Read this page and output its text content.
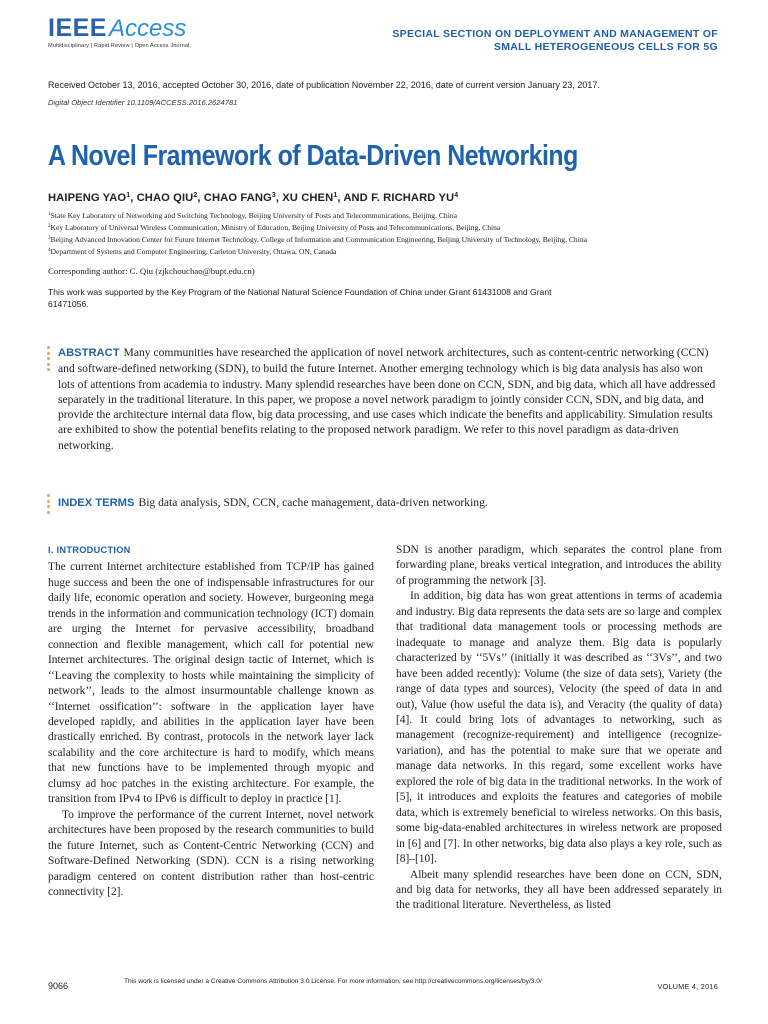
IEEEAccess
Multidisciplinary | Rapid Review | Open Access Journal
SPECIAL SECTION ON DEPLOYMENT AND MANAGEMENT OF
SMALL HETEROGENEOUS CELLS FOR 5G
Received October 13, 2016, accepted October 30, 2016, date of publication November 22, 2016, date of current version January 23, 2017.
Digital Object Identifier 10.1109/ACCESS.2016.2624781
A Novel Framework of Data-Driven Networking
HAIPENG YAO$^1$, CHAO QIU$^2$, CHAO FANG$^3$, XU CHEN$^1$, AND F. RICHARD $YU^4$
$^1$State Key Laboratory of Networking and Switching Technology, Beijing University of Posts and Telecommunications, Beijing, China
$^2$Key Laboratory of Universal Wireless Communication, Ministry of Education, Beijing University of Posts and Telecommunications, Beijing, China
$^3$Beijing Advanced Innovation Center for Future Internet Technology, College of Information and Communication Engineering, Beijing University of Technology, Beijing, China
$^4$Department of Systems and Computer Engineering, Carleton University, Ottawa, ON, Canada
Corresponding author: C. Qiu (zjkchouchao@bupt.edu.cn)
This work was supported by the Key Program of the National Natural Science Foundation of China under Grant 61431008 and Grant 61471056.
ABSTRACT Many communities have researched the application of novel network architectures, such as content-centric networking (CCN) and software-defined networking (SDN), to build the future Internet. Another emerging technology which is big data analysis has also won lots of attentions from academia to industry. Many splendid researches have been done on CCN, SDN, and big data, which all have addressed separately in the traditional literature. In this paper, we propose a novel network paradigm to jointly consider CCN, SDN, and big data, and provide the architecture internal data flow, big data processing, and use cases which indicate the benefits and applicability. Simulation results are exhibited to show the potential benefits relating to the proposed network paradigm. We refer to this novel paradigm as data-driven networking.
INDEX TERMS Big data analysis, SDN, CCN, cache management, data-driven networking.
I. INTRODUCTION

The current Internet architecture established from TCP/IP has gained huge success and been the one of indispensable infrastructures for our daily life, economic operation and society. However, burgeoning mega trends in the information and communication technology (ICT) domain are urging the Internet for pervasive accessibility, broadband connection and flexible management, which call for potential new Internet architectures. The original design tactic of Internet, which is ‘‘Leaving the complexity to hosts while maintaining the simplicity of network’’, leads to the almost insurmountable challenge known as ‘‘Internet ossification’’: software in the application layer have developed rapidly, and abilities in the application layer have been drastically enriched. By contrast, protocols in the network layer lack scalability and the core architecture is hard to modify, which means that new functions have to be implemented through myopic and clumsy ad hoc patches in the existing architecture. For example, the transition from IPv4 to IPv6 is difficult to deploy in practice [1].

To improve the performance of the current Internet, novel network architectures have been proposed by the research communities to build the future Internet, such as Content-Centric Networking (CCN) and Software-Defined Networking (SDN). CCN is a rising networking paradigm centered on content distribution rather than host-centric connectivity [2].

SDN is another paradigm, which separates the control plane from forwarding plane, breaks vertical integration, and introduces the ability of programming the network [3].

In addition, big data has won great attentions in terms of academia and industry. Big data represents the data sets are so large and complex that traditional data management tools or processing methods are inadequate to manage and analyze them. Big data is popularly characterized by ‘‘5Vs’’ (initially it was described as ‘‘3Vs’’, and two have been added recently): Volume (the size of data sets), Variety (the range of data types and sources), Velocity (the speed of data in and out), Value (how useful the data is), and Veracity (the quality of data) [4]. It could bring lots of advantages to networking, such as management (recognize-requirement) and intelligence (recognize-variation), and has the potential to make sure that we operate and manage data networks. In this regard, some excellent works have explored the role of big data in the traditional networks. In the work of [5], it introduces and exploits the features and categories of mobile data, which is extremely beneficial to wireless networks. On this basis, some big-data-enabled architectures in wireless network are proposed in [6] and [7]. In other networks, big data also plays a key role, such as [8]–[10].

Albeit many splendid researches have been done on CCN, SDN, and big data for networks, they all have been addressed separately in the traditional literature. Nevertheless, as listed

9066	This work is licensed under a Creative Commons Attribution 3.0 License. For more information, see http://creativecommons.org/licenses/by/3.0/
VOLUME 4, 2016
